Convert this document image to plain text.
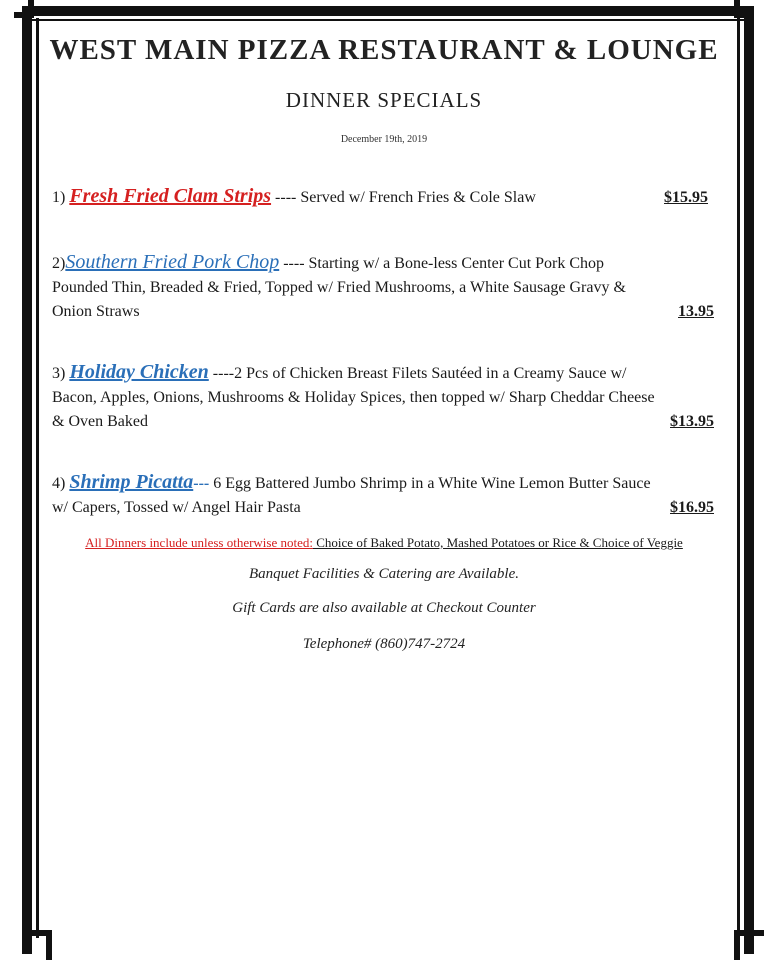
WEST MAIN PIZZA RESTAURANT & LOUNGE
DINNER SPECIALS
December 19th, 2019
1) Fresh Fried Clam Strips ---- Served w/ French Fries & Cole Slaw	$15.95
2)Southern Fried Pork Chop ---- Starting w/ a Bone-less Center Cut Pork Chop
Pounded Thin, Breaded & Fried, Topped w/ Fried Mushrooms, a White Sausage Gravy &
Onion Straws	13.95
3) Holiday Chicken ----2 Pcs of Chicken Breast Filets Sautéed in a Creamy Sauce w/
Bacon, Apples, Onions, Mushrooms & Holiday Spices, then topped w/ Sharp Cheddar Cheese
& Oven Baked	$13.95
4) Shrimp Picatta--- 6 Egg Battered Jumbo Shrimp in a White Wine Lemon Butter Sauce
w/ Capers, Tossed w/ Angel Hair Pasta	$16.95
All Dinners include unless otherwise noted: Choice of Baked Potato, Mashed Potatoes or Rice & Choice of Veggie
Banquet Facilities & Catering are Available.
Gift Cards are also available at Checkout Counter
Telephone# (860)747-2724
